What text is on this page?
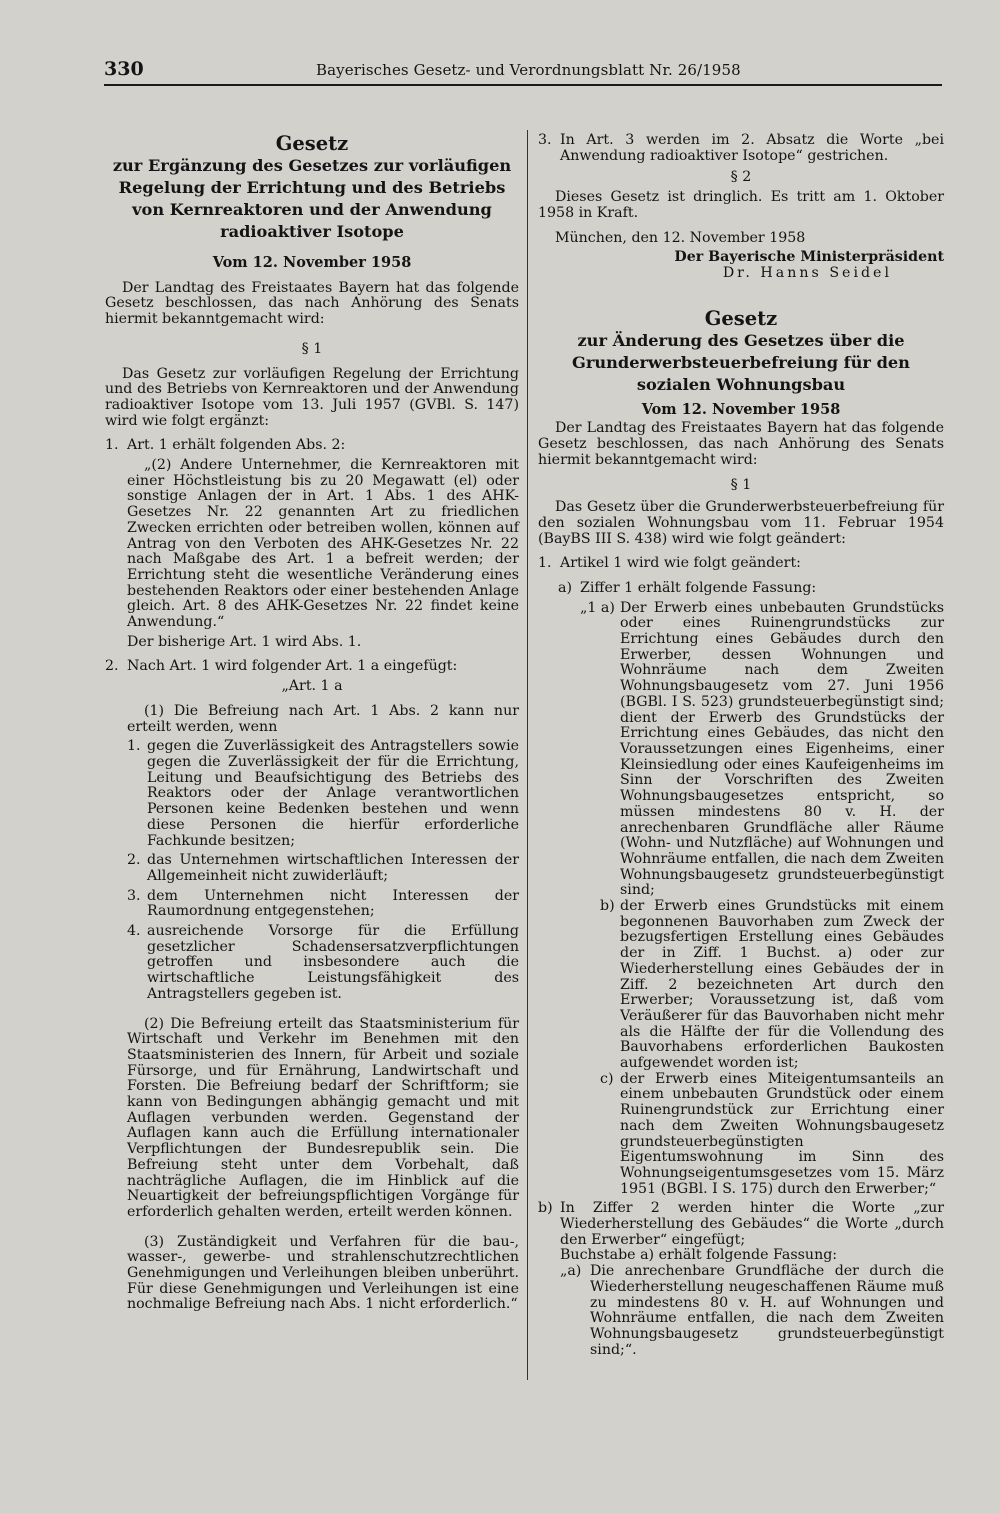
330	Bayerisches Gesetz- und Verordnungsblatt Nr. 26/1958

Gesetz

zur Ergänzung des Gesetzes zur vorläufigen Regelung der Errichtung und des Betriebs von Kernreaktoren und der Anwendung radioaktiver Isotope

Vom 12. November 1958

Der Landtag des Freistaates Bayern hat das folgende Gesetz beschlossen, das nach Anhörung des Senats hiermit bekanntgemacht wird:

§ 1

Das Gesetz zur vorläufigen Regelung der Errichtung und des Betriebs von Kernreaktoren und der Anwendung radioaktiver Isotope vom 13. Juli 1957 (GVBl. S. 147) wird wie folgt ergänzt:

1. Art. 1 erhält folgenden Abs. 2:

„(2) Andere Unternehmer, die Kernreaktoren mit einer Höchstleistung bis zu 20 Megawatt (el) oder sonstige Anlagen der in Art. 1 Abs. 1 des AHK-Gesetzes Nr. 22 genannten Art zu friedlichen Zwecken errichten oder betreiben wollen, können auf Antrag von den Verboten des AHK-Gesetzes Nr. 22 nach Maßgabe des Art. 1 a befreit werden; der Errichtung steht die wesentliche Veränderung eines bestehenden Reaktors oder einer bestehenden Anlage gleich. Art. 8 des AHK-Gesetzes Nr. 22 findet keine Anwendung.“

Der bisherige Art. 1 wird Abs. 1.

2. Nach Art. 1 wird folgender Art. 1 a eingefügt:

„Art. 1 a

(1) Die Befreiung nach Art. 1 Abs. 2 kann nur erteilt werden, wenn

1. gegen die Zuverlässigkeit des Antragstellers sowie gegen die Zuverlässigkeit der für die Errichtung, Leitung und Beaufsichtigung des Betriebs des Reaktors oder der Anlage verantwortlichen Personen keine Bedenken bestehen und wenn diese Personen die hierfür erforderliche Fachkunde besitzen;
2. das Unternehmen wirtschaftlichen Interessen der Allgemeinheit nicht zuwiderläuft;
3. dem Unternehmen nicht Interessen der Raumordnung entgegenstehen;
4. ausreichende Vorsorge für die Erfüllung gesetzlicher Schadensersatzverpflichtungen getroffen und insbesondere auch die wirtschaftliche Leistungsfähigkeit des Antragstellers gegeben ist.

(2) Die Befreiung erteilt das Staatsministerium für Wirtschaft und Verkehr im Benehmen mit den Staatsministerien des Innern, für Arbeit und soziale Fürsorge, und für Ernährung, Landwirtschaft und Forsten. Die Befreiung bedarf der Schriftform; sie kann von Bedingungen abhängig gemacht und mit Auflagen verbunden werden. Gegenstand der Auflagen kann auch die Erfüllung internationaler Verpflichtungen der Bundesrepublik sein. Die Befreiung steht unter dem Vorbehalt, daß nachträgliche Auflagen, die im Hinblick auf die Neuartigkeit der befreiungspflichtigen Vorgänge für erforderlich gehalten werden, erteilt werden können.

(3) Zuständigkeit und Verfahren für die bau-, wasser-, gewerbe- und strahlenschutzrechtlichen Genehmigungen und Verleihungen bleiben unberührt. Für diese Genehmigungen und Verleihungen ist eine nochmalige Befreiung nach Abs. 1 nicht erforderlich.“

3. In Art. 3 werden im 2. Absatz die Worte „bei Anwendung radioaktiver Isotope“ gestrichen.

§ 2

Dieses Gesetz ist dringlich. Es tritt am 1. Oktober 1958 in Kraft.

München, den 12. November 1958

Der Bayerische Ministerpräsident

Dr. Hanns Seidel

Gesetz

zur Änderung des Gesetzes über die Grunderwerbsteuerbefreiung für den sozialen Wohnungsbau

Vom 12. November 1958

Der Landtag des Freistaates Bayern hat das folgende Gesetz beschlossen, das nach Anhörung des Senats hiermit bekanntgemacht wird:

§ 1

Das Gesetz über die Grunderwerbsteuerbefreiung für den sozialen Wohnungsbau vom 11. Februar 1954 (BayBS III S. 438) wird wie folgt geändert:

1. Artikel 1 wird wie folgt geändert:
a) Ziffer 1 erhält folgende Fassung:
„1 a) Der Erwerb eines unbebauten Grundstücks oder eines Ruinengrundstücks zur Errichtung eines Gebäudes durch den Erwerber, dessen Wohnungen und Wohnräume nach dem Zweiten Wohnungsbaugesetz vom 27. Juni 1956 (BGBl. I S. 523) grundsteuerbegünstigt sind; dient der Erwerb des Grundstücks der Errichtung eines Gebäudes, das nicht den Voraussetzungen eines Eigenheims, einer Kleinsiedlung oder eines Kaufeigenheims im Sinn der Vorschriften des Zweiten Wohnungsbaugesetzes entspricht, so müssen mindestens 80 v. H. der anrechenbaren Grundfläche aller Räume (Wohn- und Nutzfläche) auf Wohnungen und Wohnräume entfallen, die nach dem Zweiten Wohnungsbaugesetz grundsteuerbegünstigt sind;
b) der Erwerb eines Grundstücks mit einem begonnenen Bauvorhaben zum Zweck der bezugsfertigen Erstellung eines Gebäudes der in Ziff. 1 Buchst. a) oder zur Wiederherstellung eines Gebäudes der in Ziff. 2 bezeichneten Art durch den Erwerber; Voraussetzung ist, daß vom Veräußerer für das Bauvorhaben nicht mehr als die Hälfte der für die Vollendung des Bauvorhabens erforderlichen Baukosten aufgewendet worden ist;
c) der Erwerb eines Miteigentumsanteils an einem unbebauten Grundstück oder einem Ruinengrundstück zur Errichtung einer nach dem Zweiten Wohnungsbaugesetz grundsteuerbegünstigten Eigentumswohnung im Sinn des Wohnungseigentumsgesetzes vom 15. März 1951 (BGBl. I S. 175) durch den Erwerber;“
b) In Ziffer 2 werden hinter die Worte „zur Wiederherstellung des Gebäudes“ die Worte „durch den Erwerber“ eingefügt;

Buchstabe a) erhält folgende Fassung:

„a) Die anrechenbare Grundfläche der durch die Wiederherstellung neugeschaffenen Räume muß zu mindestens 80 v. H. auf Wohnungen und Wohnräume entfallen, die nach dem Zweiten Wohnungsbaugesetz grundsteuerbegünstigt sind;“.
